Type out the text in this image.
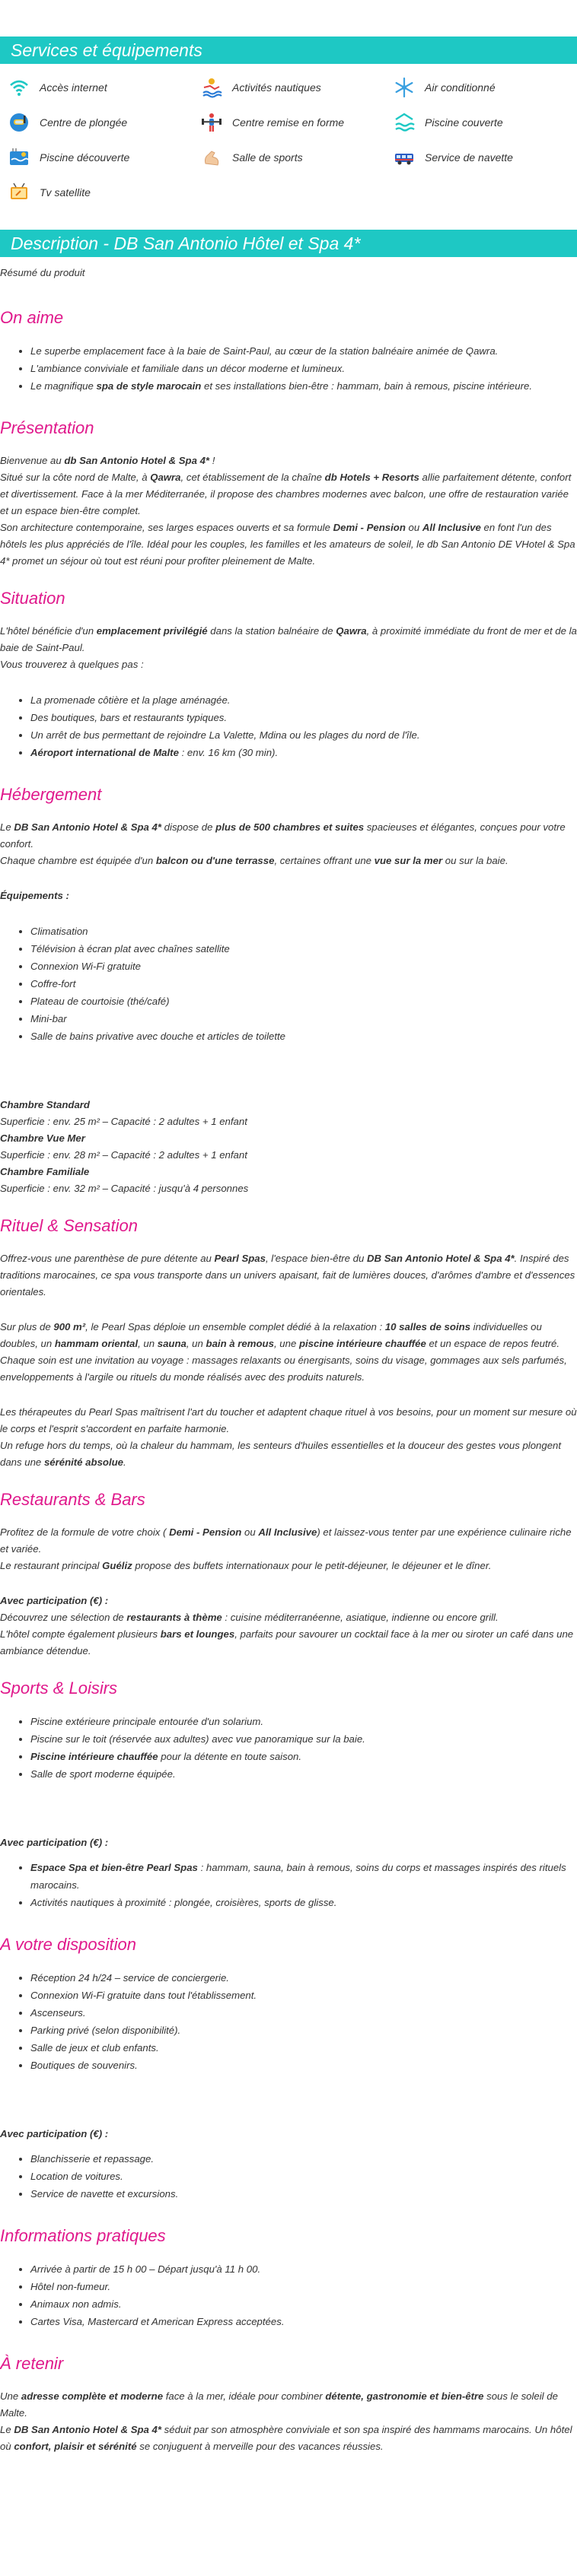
Services et équipements
Accès internet	Activités nautiques	Air conditionné
Centre de plongée	Centre remise en forme	Piscine couverte
Piscine découverte	Salle de sports	Service de navette
Tv satellite
Description - DB San Antonio Hôtel et Spa 4*

Résumé du produit

On aime
• Le superbe emplacement face à la baie de Saint-Paul, au cœur de la station balnéaire animée de Qawra.
• L'ambiance conviviale et familiale dans un décor moderne et lumineux.
• Le magnifique spa de style marocain et ses installations bien-être : hammam, bain à remous, piscine intérieure.
Présentation

Bienvenue au db San Antonio Hotel & Spa 4* !
Situé sur la côte nord de Malte, à Qawra, cet établissement de la chaîne db Hotels + Resorts allie parfaitement détente, confort et divertissement. Face à la mer Méditerranée, il propose des chambres modernes avec balcon, une offre de restauration variée et un espace bien-être complet.
Son architecture contemporaine, ses larges espaces ouverts et sa formule Demi - Pension ou All Inclusive en font l'un des hôtels les plus appréciés de l'île. Idéal pour les couples, les familles et les amateurs de soleil, le db San Antonio DE VHotel & Spa 4* promet un séjour où tout est réuni pour profiter pleinement de Malte.

Situation

L'hôtel bénéficie d'un emplacement privilégié dans la station balnéaire de Qawra, à proximité immédiate du front de mer et de la baie de Saint-Paul.
Vous trouverez à quelques pas :

• La promenade côtière et la plage aménagée.
• Des boutiques, bars et restaurants typiques.
• Un arrêt de bus permettant de rejoindre La Valette, Mdina ou les plages du nord de l'île.
• Aéroport international de Malte : env. 16 km (30 min).
Hébergement

Le DB San Antonio Hotel & Spa 4* dispose de plus de 500 chambres et suites spacieuses et élégantes, conçues pour votre confort.
Chaque chambre est équipée d'un balcon ou d'une terrasse, certaines offrant une vue sur la mer ou sur la baie.

Équipements :

• Climatisation
• Télévision à écran plat avec chaînes satellite
• Connexion Wi-Fi gratuite
• Coffre-fort
• Plateau de courtoisie (thé/café)
• Mini-bar
• Salle de bains privative avec douche et articles de toilette

Chambre Standard
Superficie : env. 25 m² – Capacité : 2 adultes + 1 enfant
Chambre Vue Mer
Superficie : env. 28 m² – Capacité : 2 adultes + 1 enfant
Chambre Familiale
Superficie : env. 32 m² – Capacité : jusqu'à 4 personnes

Rituel & Sensation

Offrez-vous une parenthèse de pure détente au Pearl Spas, l'espace bien-être du DB San Antonio Hotel & Spa 4*. Inspiré des traditions marocaines, ce spa vous transporte dans un univers apaisant, fait de lumières douces, d'arômes d'ambre et d'essences orientales.

Sur plus de 900 m², le Pearl Spas déploie un ensemble complet dédié à la relaxation : 10 salles de soins individuelles ou doubles, un hammam oriental, un sauna, un bain à remous, une piscine intérieure chauffée et un espace de repos feutré.
Chaque soin est une invitation au voyage : massages relaxants ou énergisants, soins du visage, gommages aux sels parfumés, enveloppements à l'argile ou rituels du monde réalisés avec des produits naturels.

Les thérapeutes du Pearl Spas maîtrisent l'art du toucher et adaptent chaque rituel à vos besoins, pour un moment sur mesure où le corps et l'esprit s'accordent en parfaite harmonie.
Un refuge hors du temps, où la chaleur du hammam, les senteurs d'huiles essentielles et la douceur des gestes vous plongent dans une sérénité absolue.

Restaurants & Bars

Profitez de la formule de votre choix ( Demi - Pension ou All Inclusive) et laissez-vous tenter par une expérience culinaire riche et variée.
Le restaurant principal Guéliz propose des buffets internationaux pour le petit-déjeuner, le déjeuner et le dîner.

Avec participation (€) :
Découvrez une sélection de restaurants à thème : cuisine méditerranéenne, asiatique, indienne ou encore grill.
L'hôtel compte également plusieurs bars et lounges, parfaits pour savourer un cocktail face à la mer ou siroter un café dans une ambiance détendue.

Sports & Loisirs
• Piscine extérieure principale entourée d'un solarium.
• Piscine sur le toit (réservée aux adultes) avec vue panoramique sur la baie.
• Piscine intérieure chauffée pour la détente en toute saison.
• Salle de sport moderne équipée.

Avec participation (€) :

• Espace Spa et bien-être Pearl Spas : hammam, sauna, bain à remous, soins du corps et massages inspirés des rituels marocains.
• Activités nautiques à proximité : plongée, croisières, sports de glisse.
A votre disposition
• Réception 24 h/24 – service de conciergerie.
• Connexion Wi-Fi gratuite dans tout l'établissement.
• Ascenseurs.
• Parking privé (selon disponibilité).
• Salle de jeux et club enfants.
• Boutiques de souvenirs.

Avec participation (€) :

• Blanchisserie et repassage.
• Location de voitures.
• Service de navette et excursions.
Informations pratiques
• Arrivée à partir de 15 h 00 – Départ jusqu'à 11 h 00.
• Hôtel non-fumeur.
• Animaux non admis.
• Cartes Visa, Mastercard et American Express acceptées.
À retenir

Une adresse complète et moderne face à la mer, idéale pour combiner détente, gastronomie et bien-être sous le soleil de Malte.
Le DB San Antonio Hotel & Spa 4* séduit par son atmosphère conviviale et son spa inspiré des hammams marocains. Un hôtel où confort, plaisir et sérénité se conjuguent à merveille pour des vacances réussies.
